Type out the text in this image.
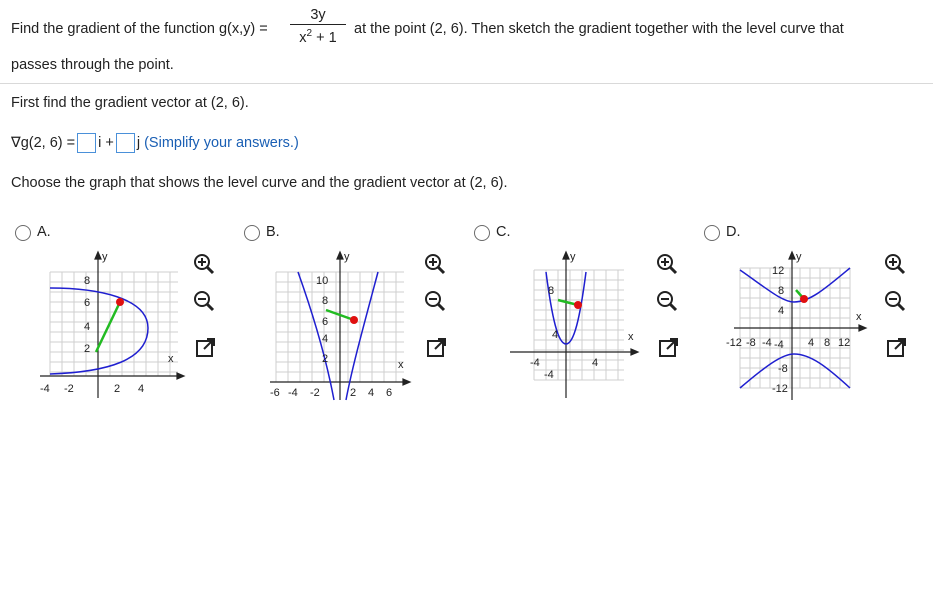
Find the gradient of the function $g(x,y) = \frac{3y}{x^2 + 1}$ at the point (2, 6). Then sketch the gradient together with the level curve that
passes through the point.
First find the gradient vector at (2, 6).
∇g(2, 6) = i + j (Simplify your answers.)
Choose the graph that shows the level curve and the gradient vector at (2, 6).
A.	B.	C.	D.
y
x
8
6
4
2
-4 -2	2 4
y
x
10
8
6
4
2
-6 -4 -2	2 4 6
y
x
8
4
-4
-4	4
y
x
12
8
4
-4
-8
-12
-12 -8 -4	4 8 12
